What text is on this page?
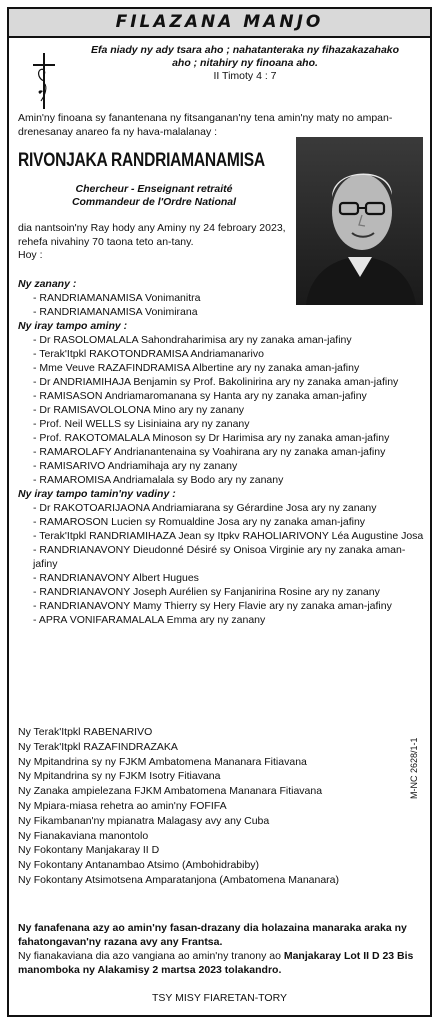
FILAZANA MANJO
Efa niady ny ady tsara aho ; nahatanteraka ny fihazakazahako
aho ; nitahiry ny finoana aho.
II Timoty 4 : 7
Amin'ny finoana sy fanantenana ny fitsanganan'ny tena amin'ny maty no ampan-drenesanay anareo fa ny hava-malalanay :
RIVONJAKA RANDRIAMANAMISA
Chercheur - Enseignant retraité
Commandeur de l'Ordre National
dia nantsoin'ny Ray hody any Aminy ny 24 febroary 2023, rehefa nivahiny 70 taona teto an-tany.
Hoy :
Ny zanany :
- RANDRIAMANAMISA Vonimanitra
- RANDRIAMANAMISA Vonimirana
Ny iray tampo aminy :
- Dr RASOLOMALALA Sahondraharimisa ary ny zanaka aman-jafiny
- Terak'Itpkl RAKOTONDRAMISA Andriamanarivo
- Mme Veuve RAZAFINDRAMISA Albertine ary ny zanaka aman-jafiny
- Dr ANDRIAMIHAJA Benjamin sy Prof. Bakolinirina ary ny zanaka aman-jafiny
- RAMISASON Andriamaromanana sy Hanta ary ny zanaka aman-jafiny
- Dr RAMISAVOLOLONA Mino ary ny zanany
- Prof. Neil WELLS sy Lisiniaina ary ny zanany
- Prof. RAKOTOMALALA Minoson sy Dr Harimisa ary ny zanaka aman-jafiny
- RAMAROLAFY Andrianantenaina sy Voahirana ary ny zanaka aman-jafiny
- RAMISARIVO Andriamihaja ary ny zanany
- RAMAROMISA Andriamalala sy Bodo ary ny zanany
Ny iray tampo tamin'ny vadiny :
- Dr RAKOTOARIJAONA Andriamiarana sy Gérardine Josa ary ny zanany
- RAMAROSON Lucien sy Romualdine Josa ary ny zanaka aman-jafiny
- Terak'Itpkl RANDRIAMIHAZA Jean sy Itpkv RAHOLIARIVONY Léa Augustine Josa
- RANDRIANAVONY Dieudonné Désiré sy Onisoa Virginie ary ny zanaka aman-jafiny
- RANDRIANAVONY Albert Hugues
- RANDRIANAVONY Joseph Aurélien sy Fanjanirina Rosine ary ny zanany
- RANDRIANAVONY Mamy Thierry sy Hery Flavie ary ny zanaka aman-jafiny
- APRA VONIFARAMALALA Emma ary ny zanany
Ny Terak'Itpkl RABENARIVO
Ny Terak'Itpkl RAZAFINDRAZAKA
Ny Mpitandrina sy ny FJKM Ambatomena Mananara Fitiavana
Ny Mpitandrina sy ny FJKM Isotry Fitiavana
Ny Zanaka ampielezana FJKM Ambatomena Mananara Fitiavana
Ny Mpiara-miasa rehetra ao amin'ny FOFIFA
Ny Fikambanan'ny mpianatra Malagasy avy any Cuba
Ny Fianakaviana manontolo
Ny Fokontany Manjakaray II D
Ny Fokontany Antanambao Atsimo (Ambohidrabiby)
Ny Fokontany Atsimotsena Amparatanjona (Ambatomena Mananara)
M-NC 2628/1-1
Ny fanafenana azy ao amin'ny fasan-drazany dia holazaina manaraka araka ny fahatongavan'ny razana avy any Frantsa.
Ny fianakaviana dia azo vangiana ao amin'ny tranony ao Manjakaray Lot II D 23 Bis manomboka ny Alakamisy 2 martsa 2023 tolakandro.
TSY MISY FIARETAN-TORY
